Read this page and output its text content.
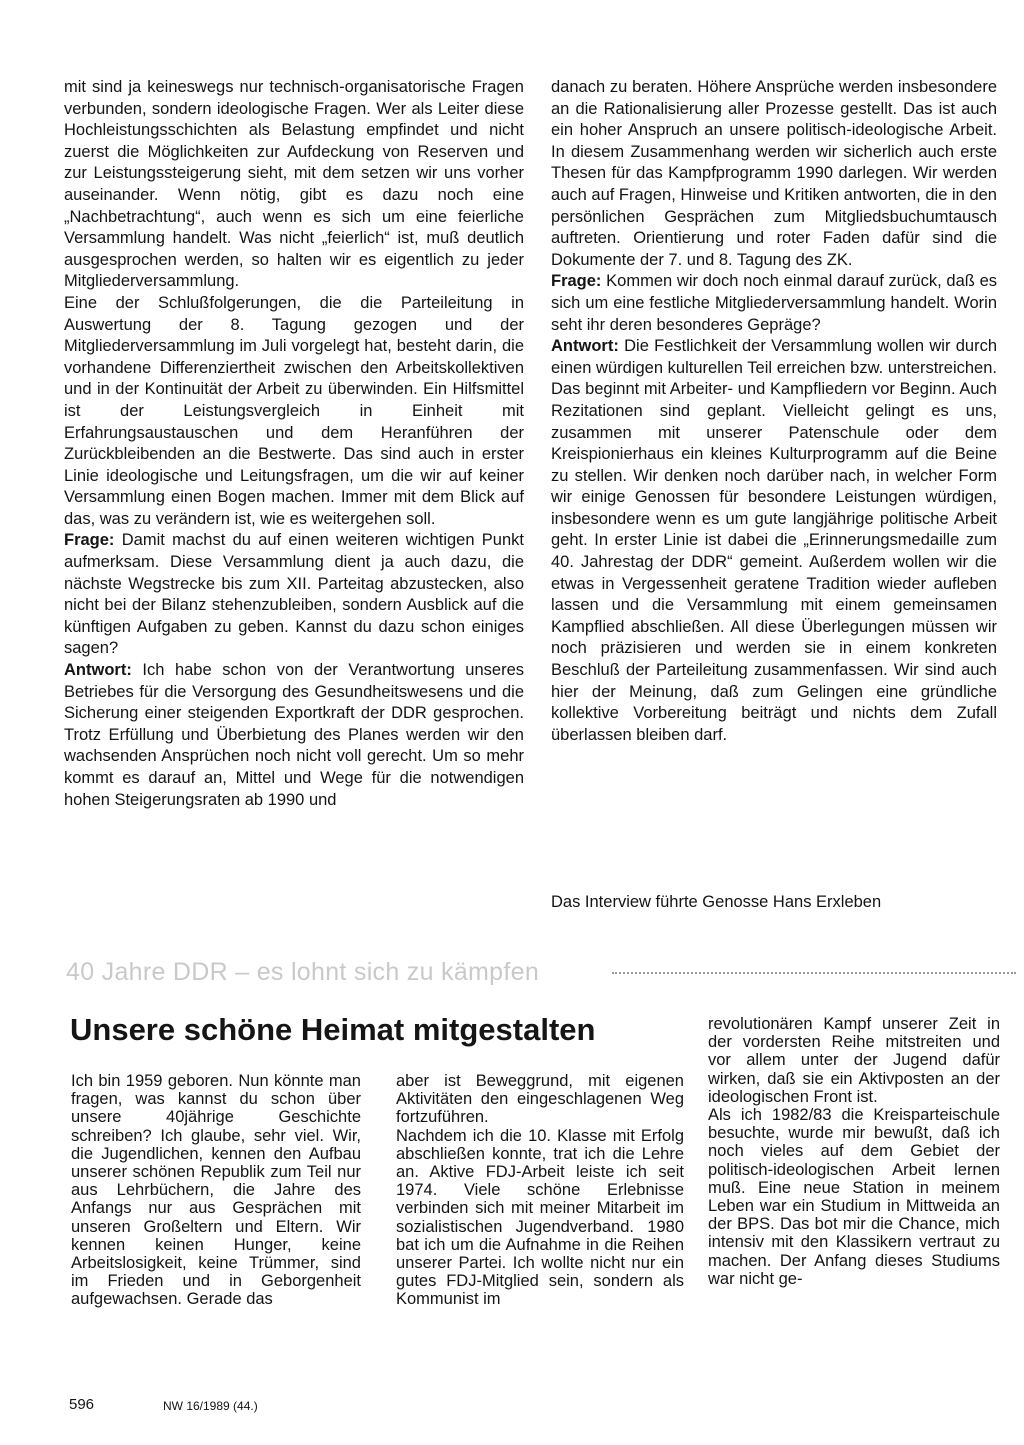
mit sind ja keineswegs nur technisch-organisatorische Fragen verbunden, sondern ideologische Fragen. Wer als Leiter diese Hochleistungsschichten als Belastung empfindet und nicht zuerst die Möglichkeiten zur Aufdeckung von Reserven und zur Leistungssteigerung sieht, mit dem setzen wir uns vorher auseinander. Wenn nötig, gibt es dazu noch eine „Nachbetrachtung“, auch wenn es sich um eine feierliche Versammlung handelt. Was nicht „feierlich“ ist, muß deutlich ausgesprochen werden, so halten wir es eigentlich zu jeder Mitgliederversammlung.

Eine der Schlußfolgerungen, die die Parteileitung in Auswertung der 8. Tagung gezogen und der Mitgliederversammlung im Juli vorgelegt hat, besteht darin, die vorhandene Differenziertheit zwischen den Arbeitskollektiven und in der Kontinuität der Arbeit zu überwinden. Ein Hilfsmittel ist der Leistungsvergleich in Einheit mit Erfahrungsaustauschen und dem Heranführen der Zurückbleibenden an die Bestwerte. Das sind auch in erster Linie ideologische und Leitungsfragen, um die wir auf keiner Versammlung einen Bogen machen. Immer mit dem Blick auf das, was zu verändern ist, wie es weitergehen soll.

Frage: Damit machst du auf einen weiteren wichtigen Punkt aufmerksam. Diese Versammlung dient ja auch dazu, die nächste Wegstrecke bis zum XII. Parteitag abzustecken, also nicht bei der Bilanz stehenzubleiben, sondern Ausblick auf die künftigen Aufgaben zu geben. Kannst du dazu schon einiges sagen?

Antwort: Ich habe schon von der Verantwortung unseres Betriebes für die Versorgung des Gesundheitswesens und die Sicherung einer steigenden Exportkraft der DDR gesprochen. Trotz Erfüllung und Überbietung des Planes werden wir den wachsenden Ansprüchen noch nicht voll gerecht. Um so mehr kommt es darauf an, Mittel und Wege für die notwendigen hohen Steigerungsraten ab 1990 und

danach zu beraten. Höhere Ansprüche werden insbesondere an die Rationalisierung aller Prozesse gestellt. Das ist auch ein hoher Anspruch an unsere politisch-ideologische Arbeit. In diesem Zusammenhang werden wir sicherlich auch erste Thesen für das Kampfprogramm 1990 darlegen. Wir werden auch auf Fragen, Hinweise und Kritiken antworten, die in den persönlichen Gesprächen zum Mitgliedsbuchumtausch auftreten. Orientierung und roter Faden dafür sind die Dokumente der 7. und 8. Tagung des ZK.

Frage: Kommen wir doch noch einmal darauf zurück, daß es sich um eine festliche Mitgliederversammlung handelt. Worin seht ihr deren besonderes Gepräge?

Antwort: Die Festlichkeit der Versammlung wollen wir durch einen würdigen kulturellen Teil erreichen bzw. unterstreichen. Das beginnt mit Arbeiter- und Kampfliedern vor Beginn. Auch Rezitationen sind geplant. Vielleicht gelingt es uns, zusammen mit unserer Patenschule oder dem Kreispionierhaus ein kleines Kulturprogramm auf die Beine zu stellen. Wir denken noch darüber nach, in welcher Form wir einige Genossen für besondere Leistungen würdigen, insbesondere wenn es um gute langjährige politische Arbeit geht. In erster Linie ist dabei die „Erinnerungsmedaille zum 40. Jahrestag der DDR“ gemeint. Außerdem wollen wir die etwas in Vergessenheit geratene Tradition wieder aufleben lassen und die Versammlung mit einem gemeinsamen Kampflied abschließen. All diese Überlegungen müssen wir noch präzisieren und werden sie in einem konkreten Beschluß der Parteileitung zusammenfassen. Wir sind auch hier der Meinung, daß zum Gelingen eine gründliche kollektive Vorbereitung beiträgt und nichts dem Zufall überlassen bleiben darf.

Das Interview führte Genosse Hans Erxleben

40 Jahre DDR – es lohnt sich zu kämpfen

Unsere schöne Heimat mitgestalten

Ich bin 1959 geboren. Nun könnte man fragen, was kannst du schon über unsere 40jährige Geschichte schreiben? Ich glaube, sehr viel. Wir, die Jugendlichen, kennen den Aufbau unserer schönen Republik zum Teil nur aus Lehrbüchern, die Jahre des Anfangs nur aus Gesprächen mit unseren Großeltern und Eltern. Wir kennen keinen Hunger, keine Arbeitslosigkeit, keine Trümmer, sind im Frieden und in Geborgenheit aufgewachsen. Gerade das

aber ist Beweggrund, mit eigenen Aktivitäten den eingeschlagenen Weg fortzuführen.

Nachdem ich die 10. Klasse mit Erfolg abschließen konnte, trat ich die Lehre an. Aktive FDJ-Arbeit leiste ich seit 1974. Viele schöne Erlebnisse verbinden sich mit meiner Mitarbeit im sozialistischen Jugendverband. 1980 bat ich um die Aufnahme in die Reihen unserer Partei. Ich wollte nicht nur ein gutes FDJ-Mitglied sein, sondern als Kommunist im

revolutionären Kampf unserer Zeit in der vordersten Reihe mitstreiten und vor allem unter der Jugend dafür wirken, daß sie ein Aktivposten an der ideologischen Front ist.

Als ich 1982/83 die Kreisparteischule besuchte, wurde mir bewußt, daß ich noch vieles auf dem Gebiet der politisch-ideologischen Arbeit lernen muß. Eine neue Station in meinem Leben war ein Studium in Mittweida an der BPS. Das bot mir die Chance, mich intensiv mit den Klassikern vertraut zu machen. Der Anfang dieses Studiums war nicht ge-

596	NW 16/1989 (44.)
